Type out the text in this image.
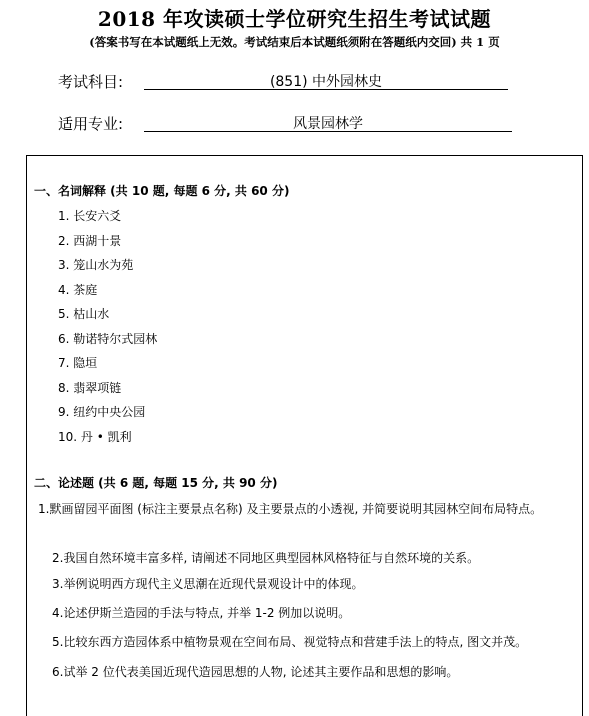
2018 年攻读硕士学位研究生招生考试试题
(答案书写在本试题纸上无效。考试结束后本试题纸须附在答题纸内交回) 共 1 页
考试科目:	(851) 中外园林史
适用专业:	风景园林学
一、名词解释 (共 10 题, 每题 6 分, 共 60 分)
1. 长安六爻
2. 西湖十景
3. 笼山水为苑
4. 茶庭
5. 枯山水
6. 勒诺特尔式园林
7. 隐垣
8. 翡翠项链
9. 纽约中央公园
10. 丹 • 凯利
二、论述题 (共 6 题, 每题 15 分, 共 90 分)
1.默画留园平面图 (标注主要景点名称) 及主要景点的小透视, 并简要说明其园林空间布局特点。
2.我国自然环境丰富多样, 请阐述不同地区典型园林风格特征与自然环境的关系。
3.举例说明西方现代主义思潮在近现代景观设计中的体现。
4.论述伊斯兰造园的手法与特点, 并举 1-2 例加以说明。
5.比较东西方造园体系中植物景观在空间布局、视觉特点和营建手法上的特点, 图文并茂。
6.试举 2 位代表美国近现代造园思想的人物, 论述其主要作品和思想的影响。
